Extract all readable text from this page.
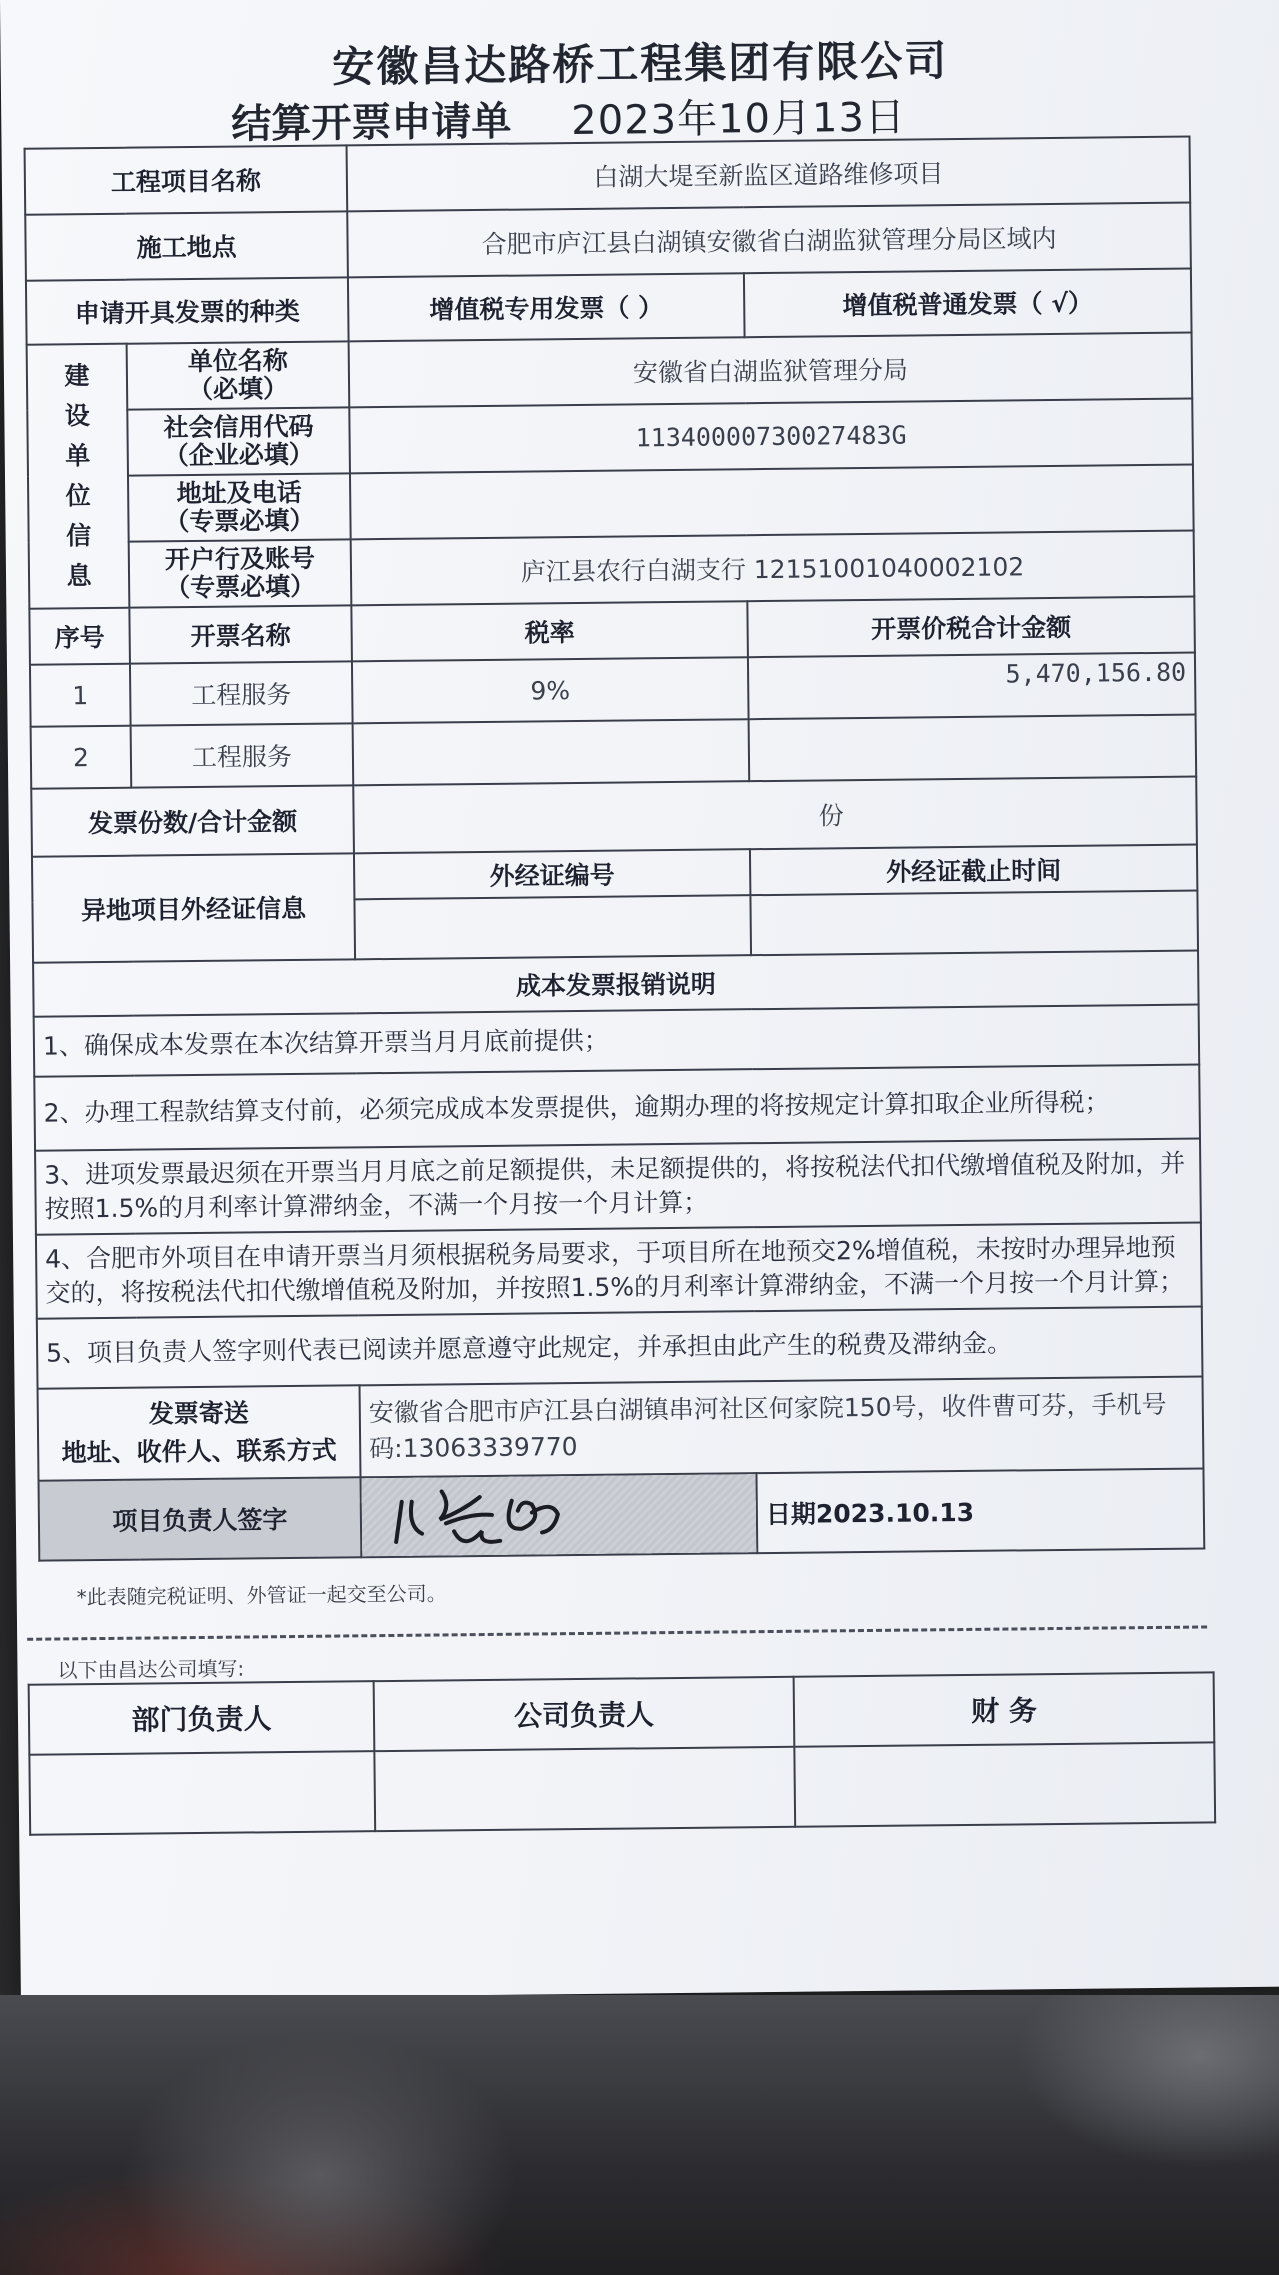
安徽昌达路桥工程集团有限公司
结算开票申请单 2023年10月13日
工程项目名称		白湖大堤至新监区道路维修项目	
施工地点		合肥市庐江县白湖镇安徽省白湖监狱管理分局区域内	
申请开具发票的种类		增值税专用发票（ ）	增值税普通发票（ √）
建设单位信息	单位名称
（必填）	安徽省白湖监狱管理分局	
	社会信用代码
（企业必填）	11340000730027483G	
	地址及电话
（专票必填）		
	开户行及账号
（专票必填）	庐江县农行白湖支行 12151001040002102	
序号	开票名称	税率	开票价税合计金额
1	工程服务	9%	5,470,156.80
2	工程服务		
发票份数/合计金额		份	
异地项目外经证信息		外经证编号	外经证截止时间

成本发票报销说明			
1、确保成本发票在本次结算开票当月月底前提供；			
2、办理工程款结算支付前，必须完成成本发票提供，逾期办理的将按规定计算扣取企业所得税；			
3、进项发票最迟须在开票当月月底之前足额提供，未足额提供的，将按税法代扣代缴增值税及附加，并按照1.5%的月利率计算滞纳金，不满一个月按一个月计算；			
4、合肥市外项目在申请开票当月须根据税务局要求，于项目所在地预交2%增值税，未按时办理异地预交的，将按税法代扣代缴增值税及附加，并按照1.5%的月利率计算滞纳金，不满一个月按一个月计算；			
5、项目负责人签字则代表已阅读并愿意遵守此规定，并承担由此产生的税费及滞纳金。			
发票寄送
地址、收件人、联系方式		安徽省合肥市庐江县白湖镇串河社区何家院150号，收件曹可芬，手机号码:13063339770	
项目负责人签字			日期2023.10.13
*此表随完税证明、外管证一起交至公司。
以下由昌达公司填写:
部门负责人	公司负责人	财 务
